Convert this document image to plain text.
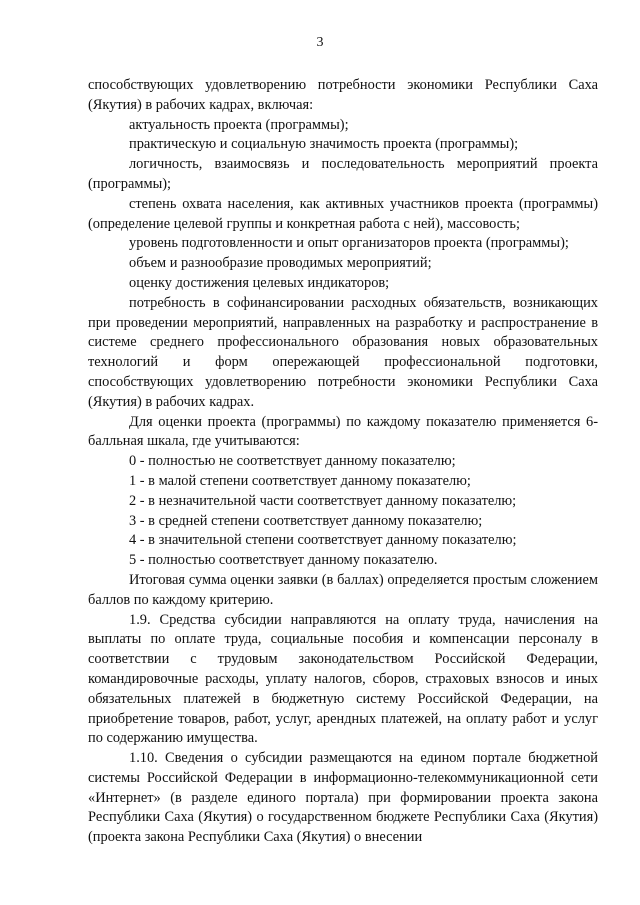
3

способствующих удовлетворению потребности экономики Республики Саха (Якутия) в рабочих кадрах, включая:

актуальность проекта (программы);

практическую и социальную значимость проекта (программы);

логичность, взаимосвязь и последовательность мероприятий проекта (программы);

степень охвата населения, как активных участников проекта (программы) (определение целевой группы и конкретная работа с ней), массовость;

уровень подготовленности и опыт организаторов проекта (программы);

объем и разнообразие проводимых мероприятий;

оценку достижения целевых индикаторов;

потребность в софинансировании расходных обязательств, возникающих при проведении мероприятий, направленных на разработку и распространение в системе среднего профессионального образования новых образовательных технологий и форм опережающей профессиональной подготовки, способствующих удовлетворению потребности экономики Республики Саха (Якутия) в рабочих кадрах.

Для оценки проекта (программы) по каждому показателю применяется 6-балльная шкала, где учитываются:

0 - полностью не соответствует данному показателю;

1 - в малой степени соответствует данному показателю;

2 - в незначительной части соответствует данному показателю;

3 - в средней степени соответствует данному показателю;

4 - в значительной степени соответствует данному показателю;

5 - полностью соответствует данному показателю.

Итоговая сумма оценки заявки (в баллах) определяется простым сложением баллов по каждому критерию.

1.9. Средства субсидии направляются на оплату труда, начисления на выплаты по оплате труда, социальные пособия и компенсации персоналу в соответствии с трудовым законодательством Российской Федерации, командировочные расходы, уплату налогов, сборов, страховых взносов и иных обязательных платежей в бюджетную систему Российской Федерации, на приобретение товаров, работ, услуг, арендных платежей, на оплату работ и услуг по содержанию имущества.

1.10. Сведения о субсидии размещаются на едином портале бюджетной системы Российской Федерации в информационно-телекоммуникационной сети «Интернет» (в разделе единого портала) при формировании проекта закона Республики Саха (Якутия) о государственном бюджете Республики Саха (Якутия) (проекта закона Республики Саха (Якутия) о внесении
